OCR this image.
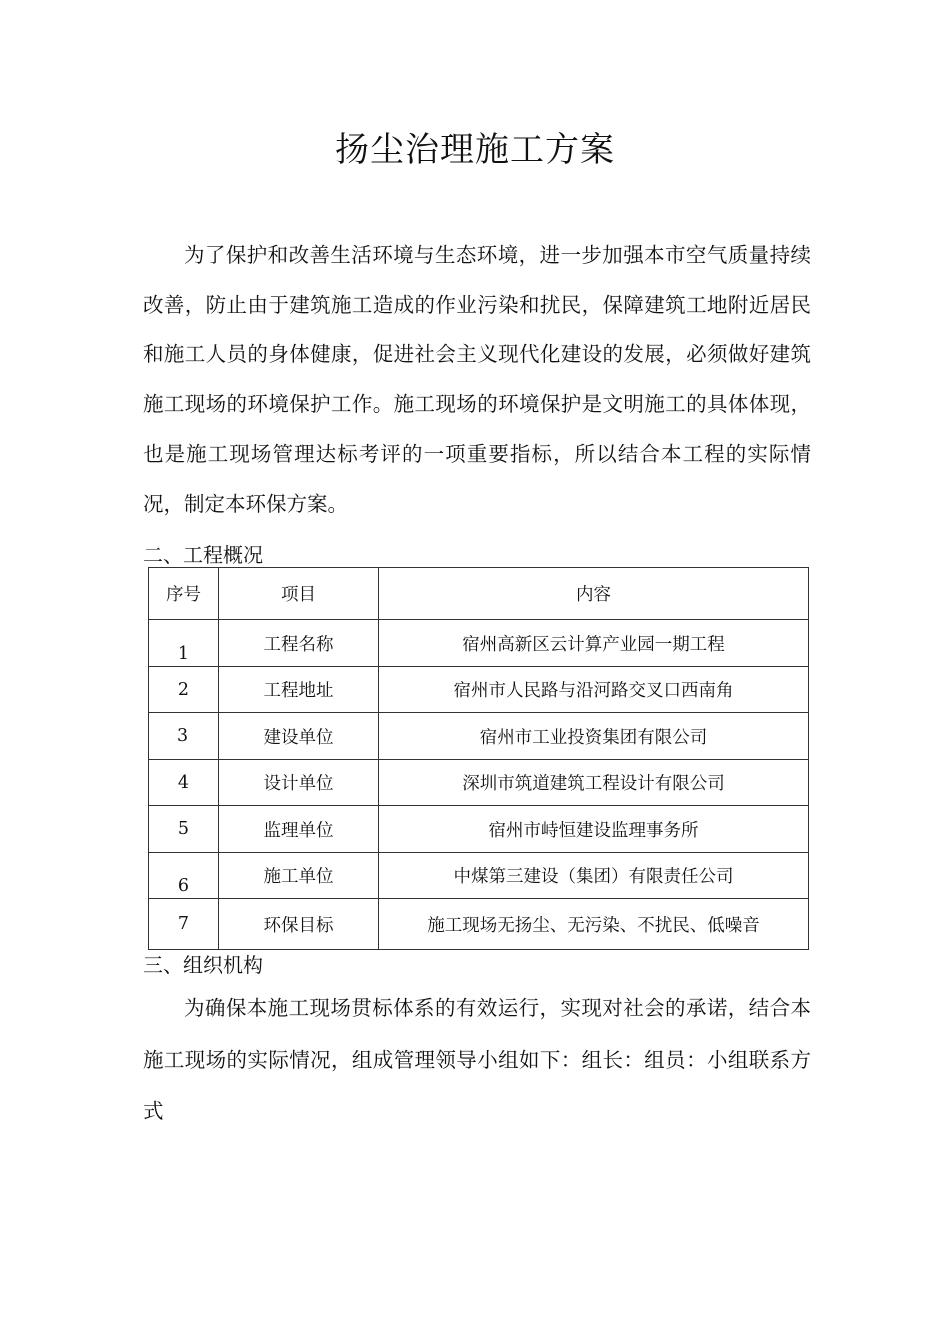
扬尘治理施工方案

为了保护和改善生活环境与生态环境，进一步加强本市空气质量持续改善，防止由于建筑施工造成的作业污染和扰民，保障建筑工地附近居民和施工人员的身体健康，促进社会主义现代化建设的发展，必须做好建筑施工现场的环境保护工作。施工现场的环境保护是文明施工的具体体现，也是施工现场管理达标考评的一项重要指标，所以结合本工程的实际情况，制定本环保方案。

二、工程概况
序号	项目	内容
1	工程名称	宿州高新区云计算产业园一期工程
2	工程地址	宿州市人民路与沿河路交叉口西南角
3	建设单位	宿州市工业投资集团有限公司
4	设计单位	深圳市筑道建筑工程设计有限公司
5	监理单位	宿州市峙恒建设监理事务所
6	施工单位	中煤第三建设（集团）有限责任公司
7	环保目标	施工现场无扬尘、无污染、不扰民、低噪音
三、组织机构

为确保本施工现场贯标体系的有效运行，实现对社会的承诺，结合本施工现场的实际情况，组成管理领导小组如下：组长：组员：小组联系方式
